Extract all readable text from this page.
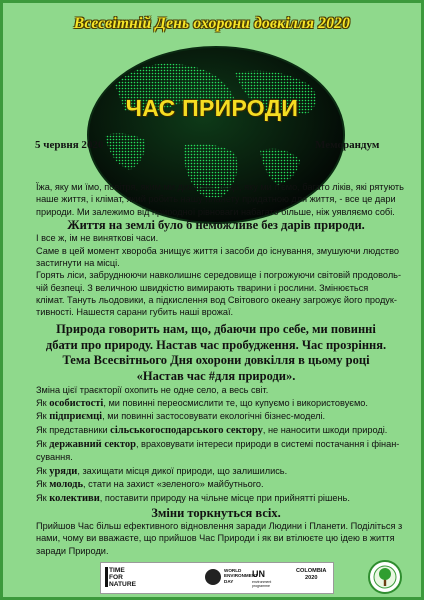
Всесвітній День охорони довкілля 2020
ЧАС ПРИРОДИ
5 червня 2020	Меморандум

Їжа, яку ми їмо, повітря, яким ми дихаємо, вода, яку ми п'ємо, багато ліків, які рятують

наше життя, і клімат, який робить нашу планету придатною для життя, - все це дари

природи. Ми залежимо від природної рівноваги набагато більше, ніж уявляємо собі.

Життя на землі було б неможливе без дарів природи.

І все ж, ім не виняткові часи.

Саме в цей момент хвороба знищує життя і засоби до існування, змушуючи людство

застигнути на місці.

Горять ліси, забруднюючи навколишнє середовище і погрожуючи світовій продоволь-

чій безпеці. З величною швидкістю вимирають тварини і рослини. Змінюється

клімат. Тануть льодовики, а підкислення вод Світового океану загрожує його продук-

тивності. Нашестя сарани губить наші врожаї.

Природа говорить нам, що, дбаючи про себе, ми повинні

дбати про природу. Настав час пробудження. Час прозріння.

Тема Всесвітнього Дня охорони довкілля в цьому році

«Настав час #для природи».

Зміна цієї траєкторії охопить не одне село, а весь світ.

Як особистості, ми повинні переосмислити те, що купуємо і використовуємо.

Як підприємці, ми повинні застосовувати екологічні бізнес-моделі.

Як представники сільськогосподарського сектору, не наносити шкоди природі.

Як державний сектор, враховувати інтереси природи в системі постачання і фінан-

сування.

Як уряди, захищати місця дикої природи, що залишились.

Як молодь, стати на захист «зеленого» майбутнього.

Як колективи, поставити природу на чільне місце при прийнятті рішень.

Зміни торкнуться всіх.

Прийшов Час більш ефективного відновлення заради Людини і Планети. Поділіться з

нами, чому ви вважаєте, що прийшов Час Природи і як ви втілюєте цю ідею в життя

заради Природи.

TIME
FOR
NATURE
WORLD
ENVIRONMENT
DAY
UN
environment programme
COLOMBIA
2020
